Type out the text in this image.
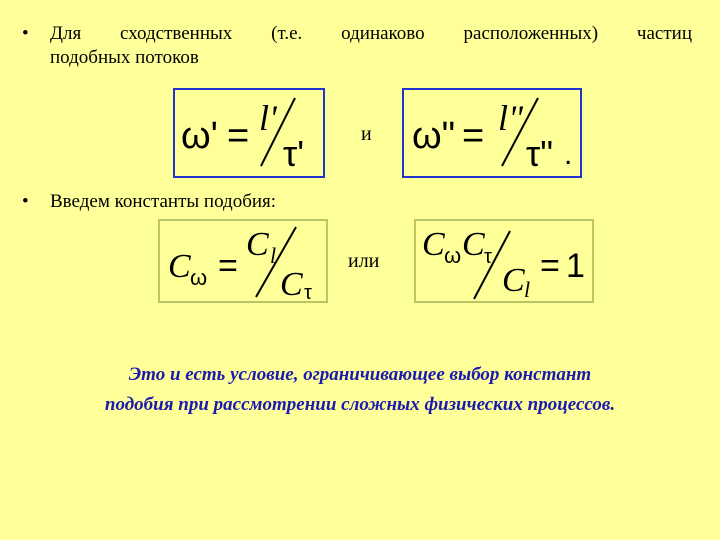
• Для сходственных (т.е. одинаково расположенных) частиц
подобных потоков
ω' = l'
τ'	и ω" = l"
τ" .
• Введем константы подобия:
C ω =
C l
C τ
или C ω C τ
C l
= 1
Это и есть условие, ограничивающее выбор констант
подобия при рассмотрении сложных физических процессов.
